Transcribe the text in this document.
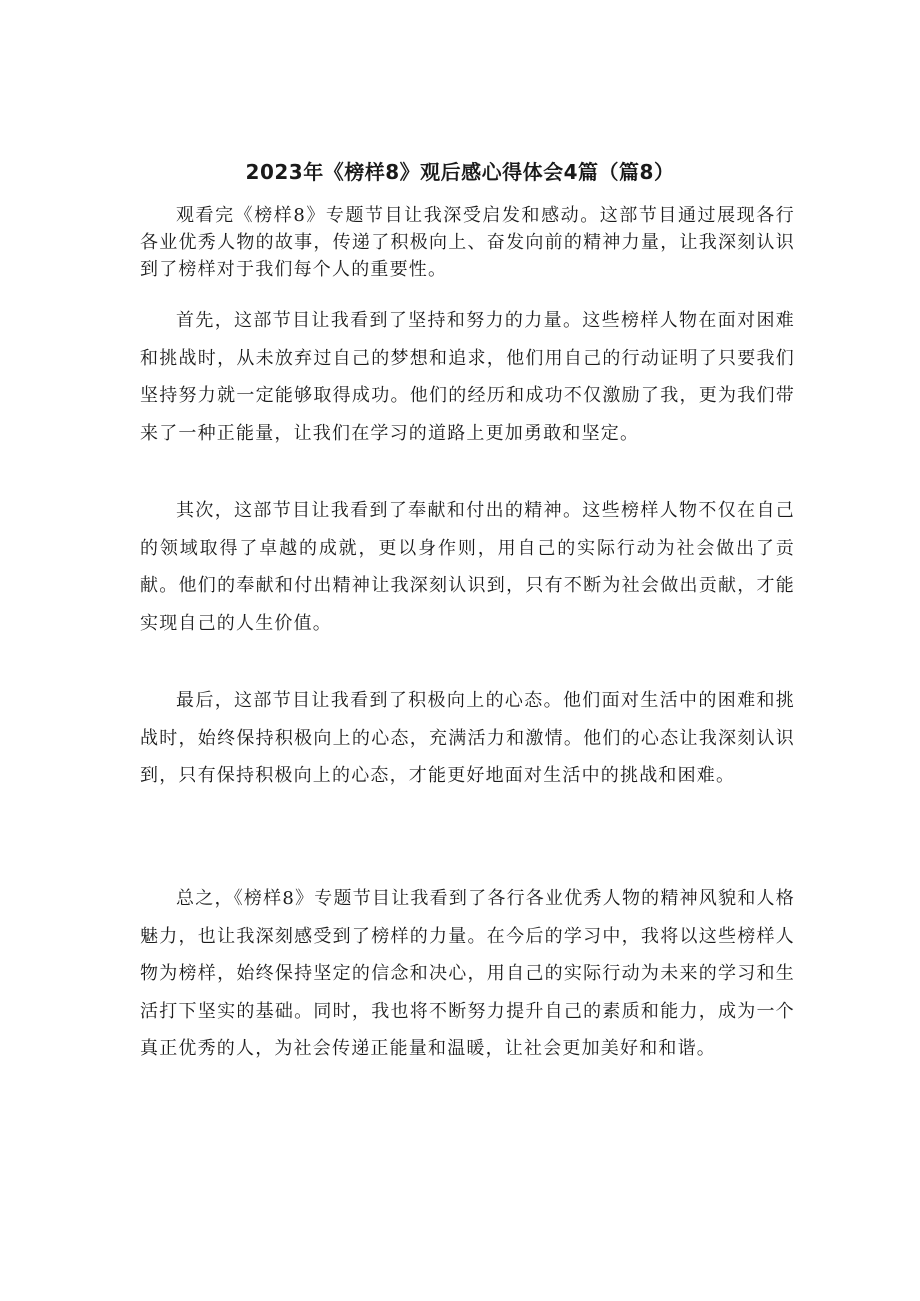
2023年《榜样8》观后感心得体会4篇（篇8）

观看完《榜样8》专题节目让我深受启发和感动。这部节目通过展现各行各业优秀人物的故事，传递了积极向上、奋发向前的精神力量，让我深刻认识到了榜样对于我们每个人的重要性。

首先，这部节目让我看到了坚持和努力的力量。这些榜样人物在面对困难和挑战时，从未放弃过自己的梦想和追求，他们用自己的行动证明了只要我们坚持努力就一定能够取得成功。他们的经历和成功不仅激励了我，更为我们带来了一种正能量，让我们在学习的道路上更加勇敢和坚定。

其次，这部节目让我看到了奉献和付出的精神。这些榜样人物不仅在自己的领域取得了卓越的成就，更以身作则，用自己的实际行动为社会做出了贡献。他们的奉献和付出精神让我深刻认识到，只有不断为社会做出贡献，才能实现自己的人生价值。

最后，这部节目让我看到了积极向上的心态。他们面对生活中的困难和挑战时，始终保持积极向上的心态，充满活力和激情。他们的心态让我深刻认识到，只有保持积极向上的心态，才能更好地面对生活中的挑战和困难。

总之，《榜样8》专题节目让我看到了各行各业优秀人物的精神风貌和人格魅力，也让我深刻感受到了榜样的力量。在今后的学习中，我将以这些榜样人物为榜样，始终保持坚定的信念和决心，用自己的实际行动为未来的学习和生活打下坚实的基础。同时，我也将不断努力提升自己的素质和能力，成为一个真正优秀的人，为社会传递正能量和温暖，让社会更加美好和和谐。
